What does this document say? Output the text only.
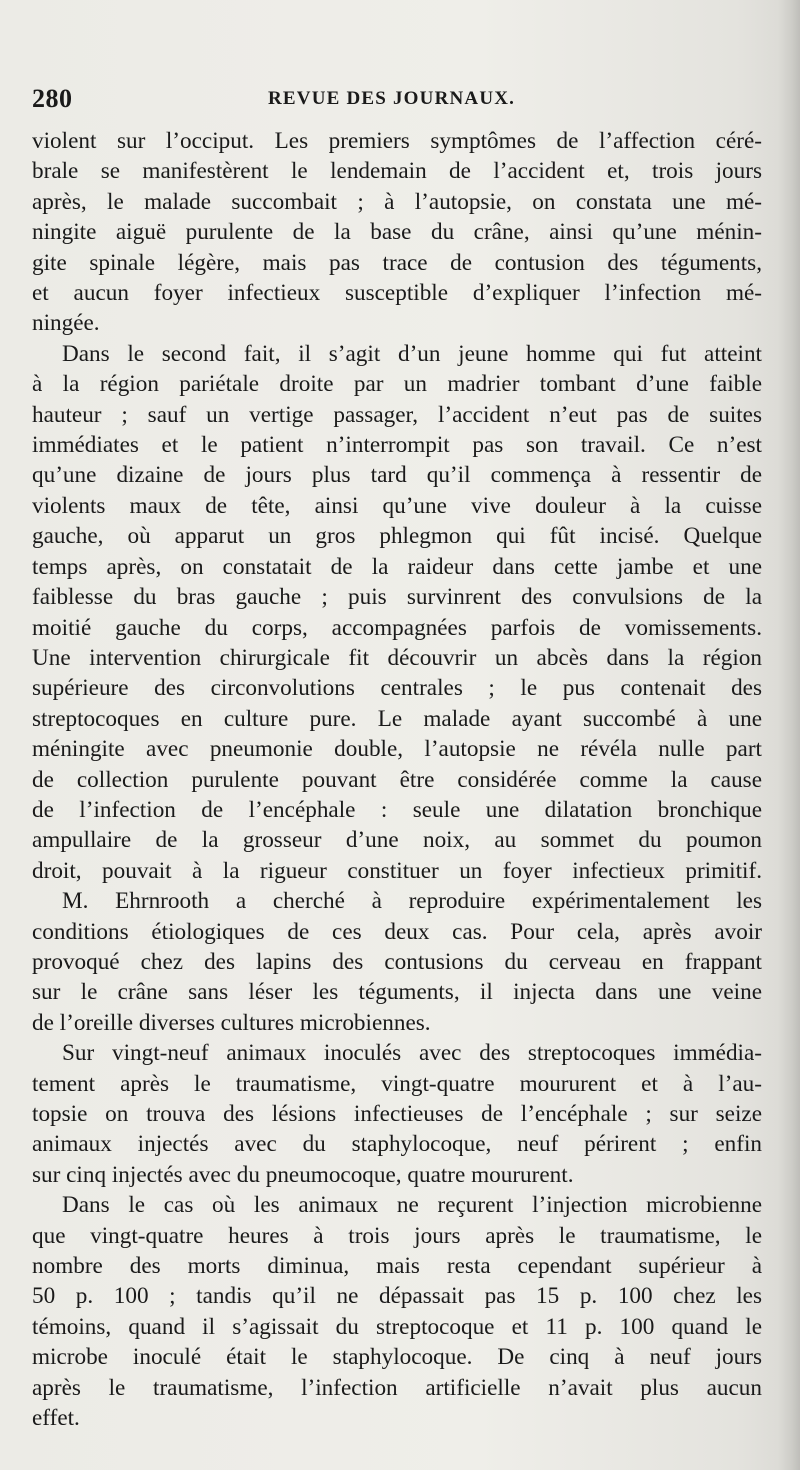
280	REVUE DES JOURNAUX.

violent sur l’occiput. Les premiers symptômes de l’affection céré-
brale se manifestèrent le lendemain de l’accident et, trois jours
après, le malade succombait ; à l’autopsie, on constata une mé-
ningite aiguë purulente de la base du crâne, ainsi qu’une ménin-
gite spinale légère, mais pas trace de contusion des téguments,
et aucun foyer infectieux susceptible d’expliquer l’infection mé-
ningée.

Dans le second fait, il s’agit d’un jeune homme qui fut atteint
à la région pariétale droite par un madrier tombant d’une faible
hauteur ; sauf un vertige passager, l’accident n’eut pas de suites
immédiates et le patient n’interrompit pas son travail. Ce n’est
qu’une dizaine de jours plus tard qu’il commença à ressentir de
violents maux de tête, ainsi qu’une vive douleur à la cuisse
gauche, où apparut un gros phlegmon qui fût incisé. Quelque
temps après, on constatait de la raideur dans cette jambe et une
faiblesse du bras gauche ; puis survinrent des convulsions de la
moitié gauche du corps, accompagnées parfois de vomissements.
Une intervention chirurgicale fit découvrir un abcès dans la région
supérieure des circonvolutions centrales ; le pus contenait des
streptocoques en culture pure. Le malade ayant succombé à une
méningite avec pneumonie double, l’autopsie ne révéla nulle part
de collection purulente pouvant être considérée comme la cause
de l’infection de l’encéphale : seule une dilatation bronchique
ampullaire de la grosseur d’une noix, au sommet du poumon
droit, pouvait à la rigueur constituer un foyer infectieux primitif.

M. Ehrnrooth a cherché à reproduire expérimentalement les
conditions étiologiques de ces deux cas. Pour cela, après avoir
provoqué chez des lapins des contusions du cerveau en frappant
sur le crâne sans léser les téguments, il injecta dans une veine
de l’oreille diverses cultures microbiennes.

Sur vingt-neuf animaux inoculés avec des streptocoques immédia-
tement après le traumatisme, vingt-quatre moururent et à l’au-
topsie on trouva des lésions infectieuses de l’encéphale ; sur seize
animaux injectés avec du staphylocoque, neuf périrent ; enfin
sur cinq injectés avec du pneumocoque, quatre moururent.

Dans le cas où les animaux ne reçurent l’injection microbienne
que vingt-quatre heures à trois jours après le traumatisme, le
nombre des morts diminua, mais resta cependant supérieur à
50 p. 100 ; tandis qu’il ne dépassait pas 15 p. 100 chez les
témoins, quand il s’agissait du streptocoque et 11 p. 100 quand le
microbe inoculé était le staphylocoque. De cinq à neuf jours
après le traumatisme, l’infection artificielle n’avait plus aucun
effet.
